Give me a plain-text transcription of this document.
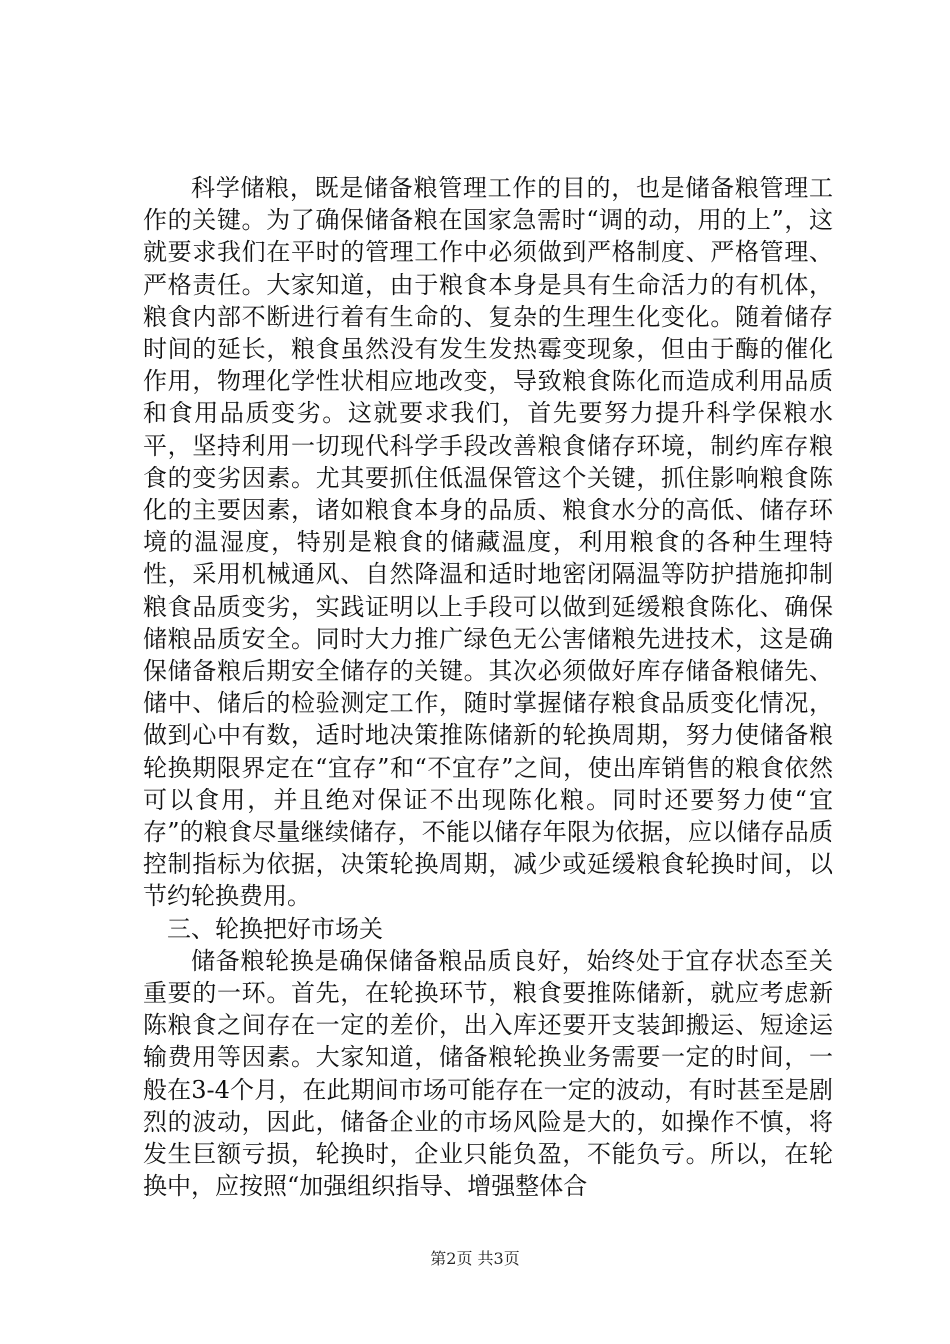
科学储粮，既是储备粮管理工作的目的，也是储备粮管理工作的关键。为了确保储备粮在国家急需时“调的动，用的上”，这就要求我们在平时的管理工作中必须做到严格制度、严格管理、严格责任。大家知道，由于粮食本身是具有生命活力的有机体，粮食内部不断进行着有生命的、复杂的生理生化变化。随着储存时间的延长，粮食虽然没有发生发热霉变现象，但由于酶的催化作用，物理化学性状相应地改变，导致粮食陈化而造成利用品质和食用品质变劣。这就要求我们，首先要努力提升科学保粮水平，坚持利用一切现代科学手段改善粮食储存环境，制约库存粮食的变劣因素。尤其要抓住低温保管这个关键，抓住影响粮食陈化的主要因素，诸如粮食本身的品质、粮食水分的高低、储存环境的温湿度，特别是粮食的储藏温度，利用粮食的各种生理特性，采用机械通风、自然降温和适时地密闭隔温等防护措施抑制粮食品质变劣，实践证明以上手段可以做到延缓粮食陈化、确保储粮品质安全。同时大力推广绿色无公害储粮先进技术，这是确保储备粮后期安全储存的关键。其次必须做好库存储备粮储先、储中、储后的检验测定工作，随时掌握储存粮食品质变化情况，做到心中有数，适时地决策推陈储新的轮换周期，努力使储备粮轮换期限界定在“宜存”和“不宜存”之间，使出库销售的粮食依然可以食用，并且绝对保证不出现陈化粮。同时还要努力使“宜存”的粮食尽量继续储存，不能以储存年限为依据，应以储存品质控制指标为依据，决策轮换周期，减少或延缓粮食轮换时间，以节约轮换费用。

三、轮换把好市场关

储备粮轮换是确保储备粮品质良好，始终处于宜存状态至关重要的一环。首先，在轮换环节，粮食要推陈储新，就应考虑新陈粮食之间存在一定的差价，出入库还要开支装卸搬运、短途运输费用等因素。大家知道，储备粮轮换业务需要一定的时间，一般在3-4个月，在此期间市场可能存在一定的波动，有时甚至是剧烈的波动，因此，储备企业的市场风险是大的，如操作不慎，将发生巨额亏损，轮换时，企业只能负盈，不能负亏。所以，在轮换中，应按照“加强组织指导、增强整体合

第2页 共3页
